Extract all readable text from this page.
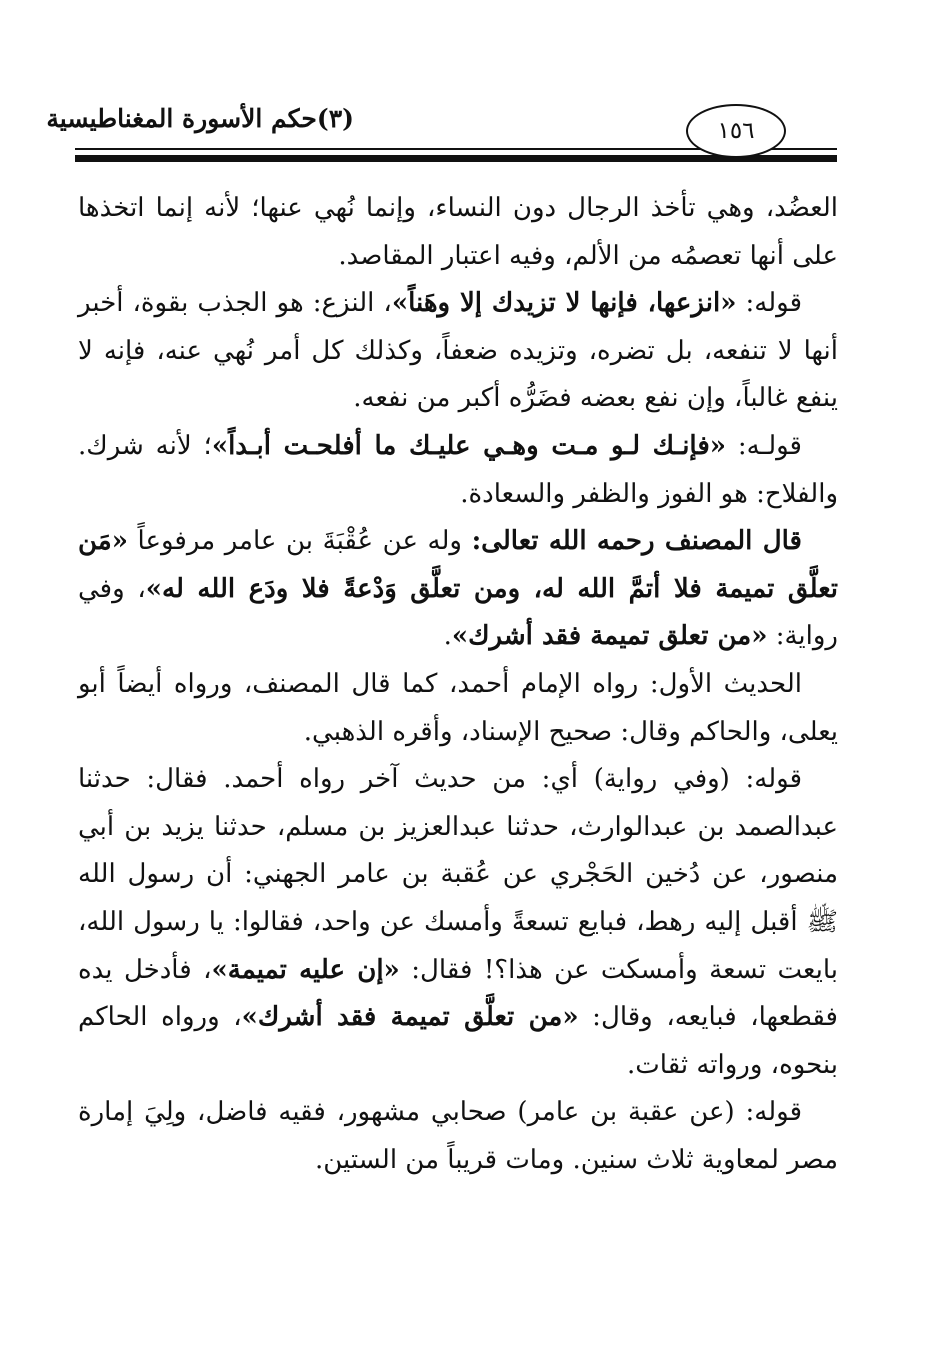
(٣)حكم الأسورة المغناطيسية	١٥٦

العضُد، وهي تأخذ الرجال دون النساء، وإنما نُهي عنها؛ لأنه إنما اتخذها على أنها تعصمُه من الألم، وفيه اعتبار المقاصد.

قوله: «انزعها، فإنها لا تزيدك إلا وهَناً»، النزع: هو الجذب بقوة، أخبر أنها لا تنفعه، بل تضره، وتزيده ضعفاً، وكذلك كل أمر نُهي عنه، فإنه لا ينفع غالباً، وإن نفع بعضه فضَرُّه أكبر من نفعه.

قولـه: «فإنـك لـو مـت وهـي عليـك ما أفلحـت أبـداً»؛ لأنه شرك. والفلاح: هو الفوز والظفر والسعادة.

قال المصنف رحمه الله تعالى: وله عن عُقْبَةَ بن عامر مرفوعاً «مَن تعلَّق تميمة فلا أتمَّ الله له، ومن تعلَّق وَدْعةً فلا ودَع الله له»، وفي رواية: «من تعلق تميمة فقد أشرك».

الحديث الأول: رواه الإمام أحمد، كما قال المصنف، ورواه أيضاً أبو يعلى، والحاكم وقال: صحيح الإسناد، وأقره الذهبي.

قوله: (وفي رواية) أي: من حديث آخر رواه أحمد. فقال: حدثنا عبدالصمد بن عبدالوارث، حدثنا عبدالعزيز بن مسلم، حدثنا يزيد بن أبي منصور، عن دُخين الحَجْري عن عُقبة بن عامر الجهني: أن رسول الله ﷺ أقبل إليه رهط، فبايع تسعةً وأمسك عن واحد، فقالوا: يا رسول الله، بايعت تسعة وأمسكت عن هذا؟! فقال: «إن عليه تميمة»، فأدخل يده فقطعها، فبايعه، وقال: «من تعلَّق تميمة فقد أشرك»، ورواه الحاكم بنحوه، ورواته ثقات.

قوله: (عن عقبة بن عامر) صحابي مشهور، فقيه فاضل، ولِيَ إمارة مصر لمعاوية ثلاث سنين. ومات قريباً من الستين.
